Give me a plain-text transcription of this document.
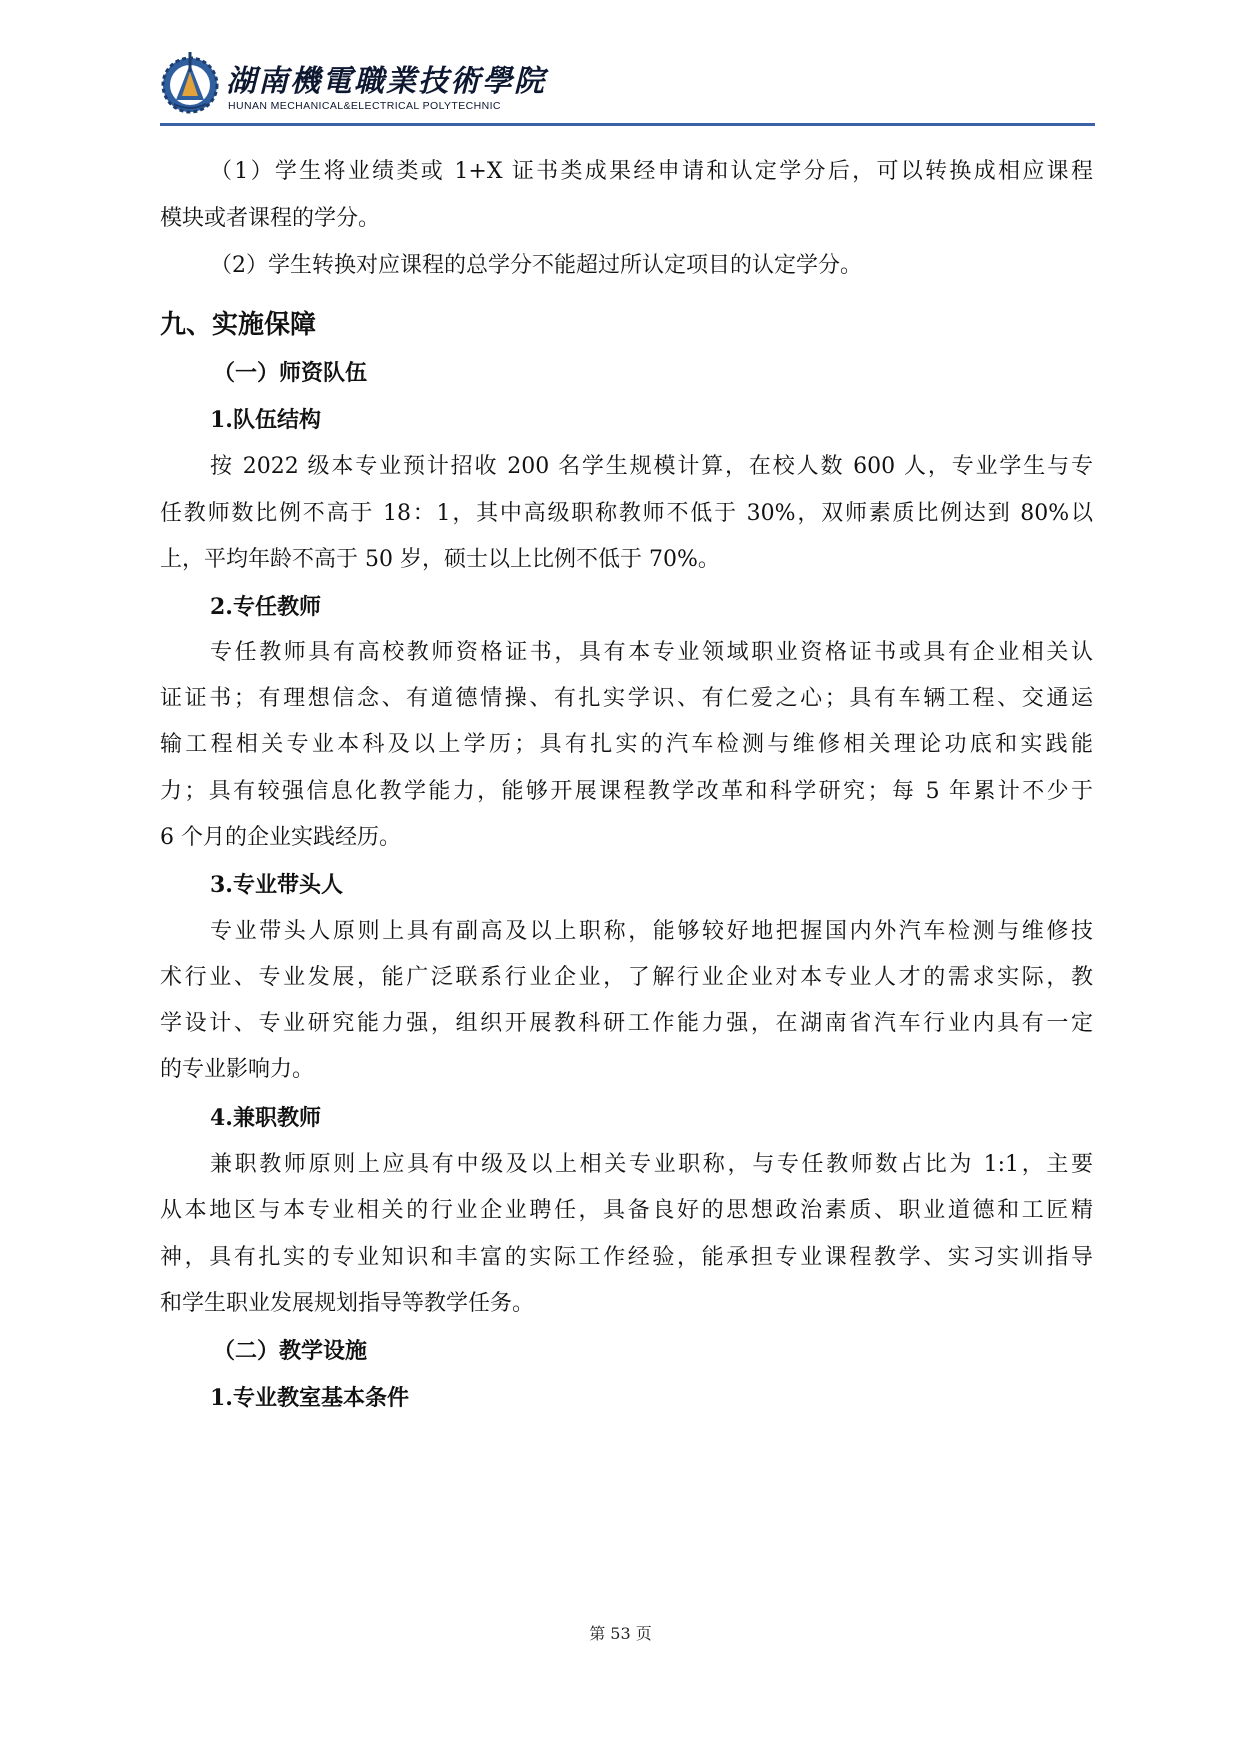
湖南機電職業技術學院
HUNAN MECHANICAL&ELECTRICAL POLYTECHNIC
（1）学生将业绩类或 1+X 证书类成果经申请和认定学分后，可以转换成相应课程
模块或者课程的学分。
（2）学生转换对应课程的总学分不能超过所认定项目的认定学分。
九、实施保障
（一）师资队伍
1.队伍结构
按 2022 级本专业预计招收 200 名学生规模计算，在校人数 600 人，专业学生与专
任教师数比例不高于 18：1，其中高级职称教师不低于 30%，双师素质比例达到 80%以
上，平均年龄不高于 50 岁，硕士以上比例不低于 70%。
2.专任教师
专任教师具有高校教师资格证书，具有本专业领域职业资格证书或具有企业相关认
证证书；有理想信念、有道德情操、有扎实学识、有仁爱之心；具有车辆工程、交通运
输工程相关专业本科及以上学历；具有扎实的汽车检测与维修相关理论功底和实践能
力；具有较强信息化教学能力，能够开展课程教学改革和科学研究；每 5 年累计不少于
6 个月的企业实践经历。
3.专业带头人
专业带头人原则上具有副高及以上职称，能够较好地把握国内外汽车检测与维修技
术行业、专业发展，能广泛联系行业企业，了解行业企业对本专业人才的需求实际，教
学设计、专业研究能力强，组织开展教科研工作能力强，在湖南省汽车行业内具有一定
的专业影响力。
4.兼职教师
兼职教师原则上应具有中级及以上相关专业职称，与专任教师数占比为 1:1，主要
从本地区与本专业相关的行业企业聘任，具备良好的思想政治素质、职业道德和工匠精
神，具有扎实的专业知识和丰富的实际工作经验，能承担专业课程教学、实习实训指导
和学生职业发展规划指导等教学任务。
（二）教学设施
1.专业教室基本条件
第 53 页
